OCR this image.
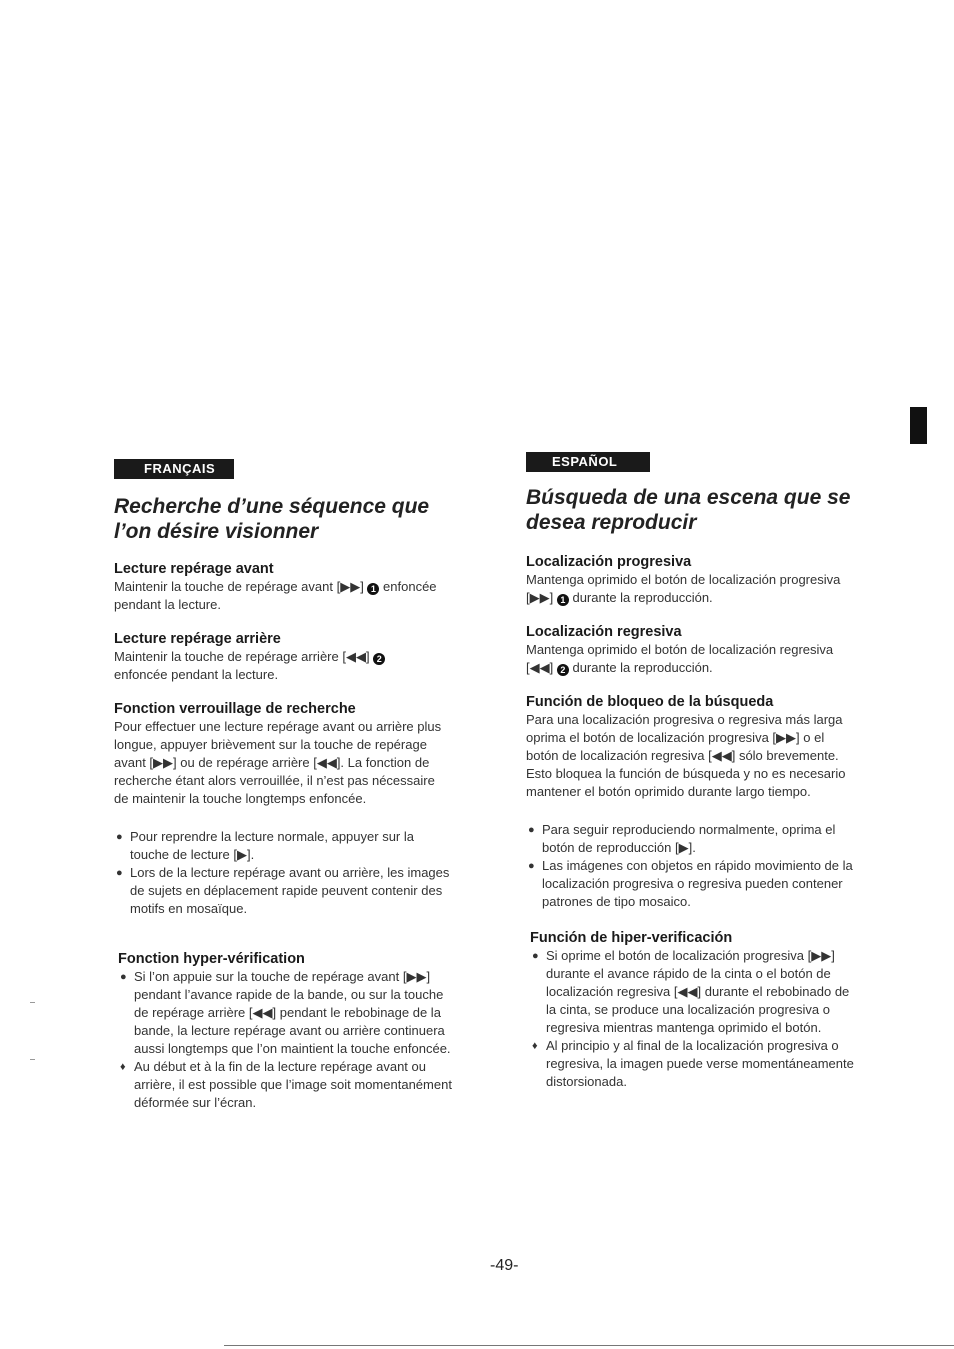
FRANÇAIS
Recherche d’une séquence que
l’on désire visionner

Lecture repérage avant

Maintenir la touche de repérage avant [▶▶] 1 enfoncée

pendant la lecture.

Lecture repérage arrière

Maintenir la touche de repérage arrière [◀◀] 2

enfoncée pendant la lecture.

Fonction verrouillage de recherche

Pour effectuer une lecture repérage avant ou arrière plus

longue, appuyer brièvement sur la touche de repérage

avant [▶▶] ou de repérage arrière [◀◀]. La fonction de

recherche étant alors verrouillée, il n’est pas nécessaire

de maintenir la touche longtemps enfoncée.

● Pour reprendre la lecture normale, appuyer sur la
touche de lecture [▶].
● Lors de la lecture repérage avant ou arrière, les images
de sujets en déplacement rapide peuvent contenir des
motifs en mosaïque.

Fonction hyper-vérification

● Si l’on appuie sur la touche de repérage avant [▶▶]
pendant l’avance rapide de la bande, ou sur la touche
de repérage arrière [◀◀] pendant le rebobinage de la
bande, la lecture repérage avant ou arrière continuera
aussi longtemps que l’on maintient la touche enfoncée.
♦ Au début et à la fin de la lecture repérage avant ou
arrière, il est possible que l’image soit momentanément
déformée sur l’écran.
ESPAÑOL
Búsqueda de una escena que se
desea reproducir

Localización progresiva

Mantenga oprimido el botón de localización progresiva

[▶▶] 1 durante la reproducción.

Localización regresiva

Mantenga oprimido el botón de localización regresiva

[◀◀] 2 durante la reproducción.

Función de bloqueo de la búsqueda

Para una localización progresiva o regresiva más larga

oprima el botón de localización progresiva [▶▶] o el

botón de localización regresiva [◀◀] sólo brevemente.

Esto bloquea la función de búsqueda y no es necesario

mantener el botón oprimido durante largo tiempo.

● Para seguir reproduciendo normalmente, oprima el
botón de reproducción [▶].
● Las imágenes con objetos en rápido movimiento de la
localización progresiva o regresiva pueden contener
patrones de tipo mosaico.

Función de hiper-verificación

● Si oprime el botón de localización progresiva [▶▶]
durante el avance rápido de la cinta o el botón de
localización regresiva [◀◀] durante el rebobinado de
la cinta, se produce una localización progresiva o
regresiva mientras mantenga oprimido el botón.
♦ Al principio y al final de la localización progresiva o
regresiva, la imagen puede verse momentáneamente
distorsionada.
-49-
